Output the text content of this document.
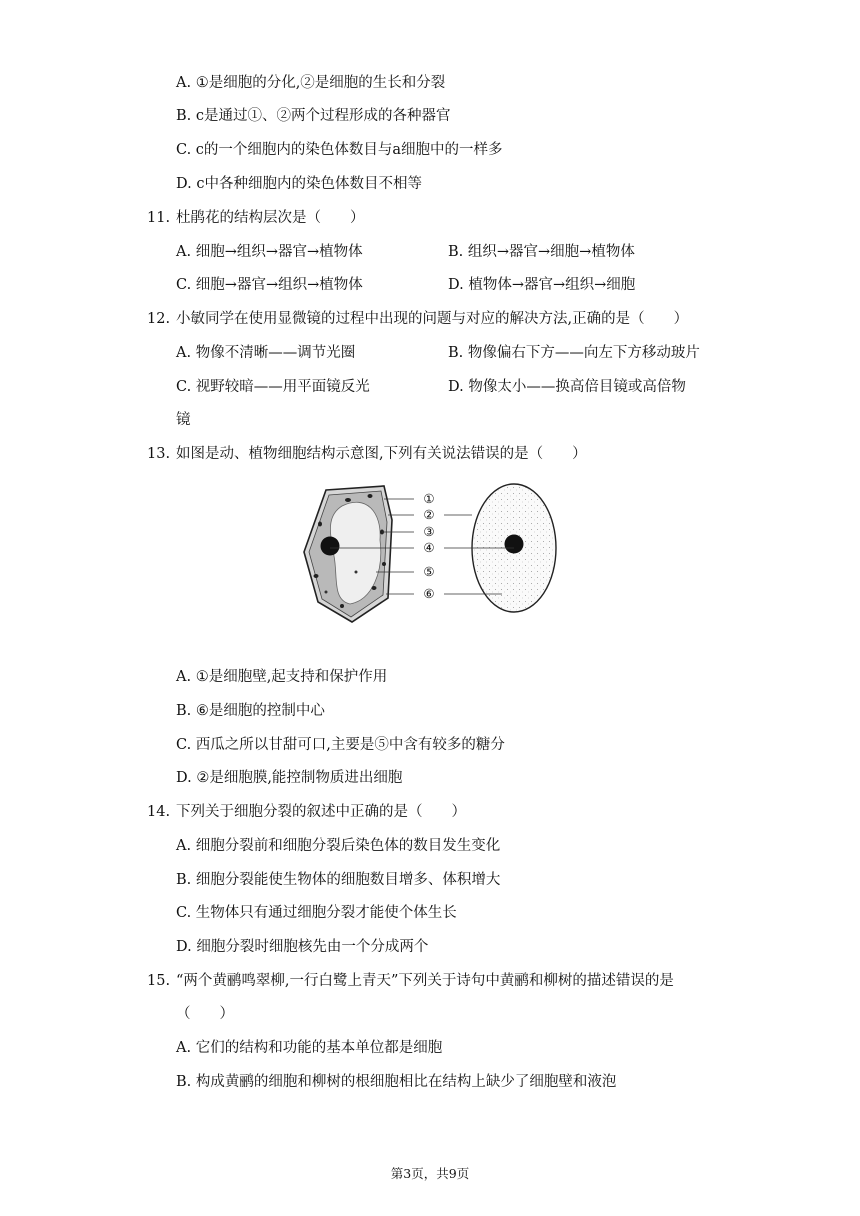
A. ①是细胞的分化,②是细胞的生长和分裂
B. c是通过①、②两个过程形成的各种器官
C. c的一个细胞内的染色体数目与a细胞中的一样多
D. c中各种细胞内的染色体数目不相等
11. 杜鹃花的结构层次是（　　）
A. 细胞→组织→器官→植物体	B. 组织→器官→细胞→植物体
C. 细胞→器官→组织→植物体	D. 植物体→器官→组织→细胞
12. 小敏同学在使用显微镜的过程中出现的问题与对应的解决方法,正确的是（　　）
A. 物像不清晰——调节光圈	B. 物像偏右下方——向左下方移动玻片
C. 视野较暗——用平面镜反光	D. 物像太小——换高倍目镜或高倍物
镜
13. 如图是动、植物细胞结构示意图,下列有关说法错误的是（　　）
①
②
③
④
⑤
⑥
A. ①是细胞壁,起支持和保护作用
B. ⑥是细胞的控制中心
C. 西瓜之所以甘甜可口,主要是⑤中含有较多的糖分
D. ②是细胞膜,能控制物质进出细胞
14. 下列关于细胞分裂的叙述中正确的是（　　）
A. 细胞分裂前和细胞分裂后染色体的数目发生变化
B. 细胞分裂能使生物体的细胞数目增多、体积增大
C. 生物体只有通过细胞分裂才能使个体生长
D. 细胞分裂时细胞核先由一个分成两个
15. “两个黄鹂鸣翠柳,一行白鹭上青天”下列关于诗句中黄鹂和柳树的描述错误的是
（　　）
A. 它们的结构和功能的基本单位都是细胞
B. 构成黄鹂的细胞和柳树的根细胞相比在结构上缺少了细胞壁和液泡
第3页，共9页
